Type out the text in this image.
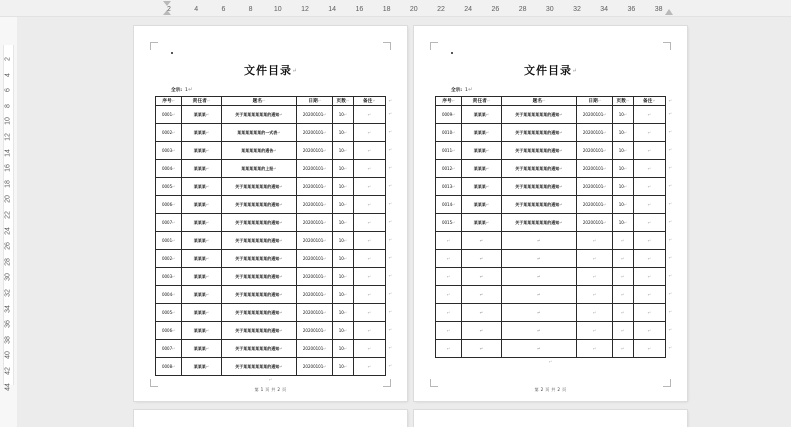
2	4	6	8	10	12	14	16	18	20	22	24	26	28	30	32	34	36	38
2
4
6
8
10
12
14
16
18
20
22
24
26
28
30
32
34
36
38
40
42
44
文件目录↵
全宗: 1↵
序号↵	责任者↵	题名↵	日期↵	页数↵	备注↵
0001↵	某某某↵	关于某某某某某某的通知↵	20200101↵	10↵	↵
0002↵	某某某↵	某某某某某某的一式表↵	20200101↵	10↵	↵
0003↵	某某某↵	某某某某某的通告↵	20200101↵	10↵	↵
0004↵	某某某↵	某某某某某的上报↵	20200101↵	10↵	↵
0005↵	某某某↵	关于某某某某某某的通知↵	20200101↵	10↵	↵
0006↵	某某某↵	关于某某某某某某的通知↵	20200101↵	10↵	↵
0007↵	某某某↵	关于某某某某某某的通知↵	20200101↵	10↵	↵
0001↵	某某某↵	关于某某某某某某的通知↵	20200101↵	10↵	↵
0002↵	某某某↵	关于某某某某某某的通知↵	20200101↵	10↵	↵
0003↵	某某某↵	关于某某某某某某的通知↵	20200101↵	10↵	↵
0004↵	某某某↵	关于某某某某某某的通知↵	20200101↵	10↵	↵
0005↵	某某某↵	关于某某某某某某的通知↵	20200101↵	10↵	↵
0006↵	某某某↵	关于某某某某某某的通知↵	20200101↵	10↵	↵
0007↵	某某某↵	关于某某某某某某的通知↵	20200101↵	10↵	↵
0008↵	某某某↵	关于某某某某某某的通知↵	20200101↵	10↵	↵
↵
↵
↵
↵
↵
↵
↵
↵
↵
↵
↵
↵
↵
↵
↵
↵
↵
第 1 页 共 2 页
文件目录↵
全宗: 1↵
序号↵	责任者↵	题名↵	日期↵	页数↵	备注↵
0009↵	某某某↵	关于某某某某某某的通知↵	20200101↵	10↵	↵
0010↵	某某某↵	关于某某某某某某的通知↵	20200101↵	10↵	↵
0011↵	某某某↵	关于某某某某某某的通知↵	20200101↵	10↵	↵
0012↵	某某某↵	关于某某某某某某的通知↵	20200101↵	10↵	↵
0013↵	某某某↵	关于某某某某某某的通知↵	20200101↵	10↵	↵
0014↵	某某某↵	关于某某某某某某的通知↵	20200101↵	10↵	↵
0015↵	某某某↵	关于某某某某某某的通知↵	20200101↵	10↵	↵
↵	↵	↵	↵	↵	↵
↵	↵	↵	↵	↵	↵
↵	↵	↵	↵	↵	↵
↵	↵	↵	↵	↵	↵
↵	↵	↵	↵	↵	↵
↵	↵	↵	↵	↵	↵
↵	↵	↵	↵	↵	↵
↵
↵
↵
↵
↵
↵
↵
↵
↵
↵
↵
↵
↵
↵
↵
↵
第 2 页 共 2 页
